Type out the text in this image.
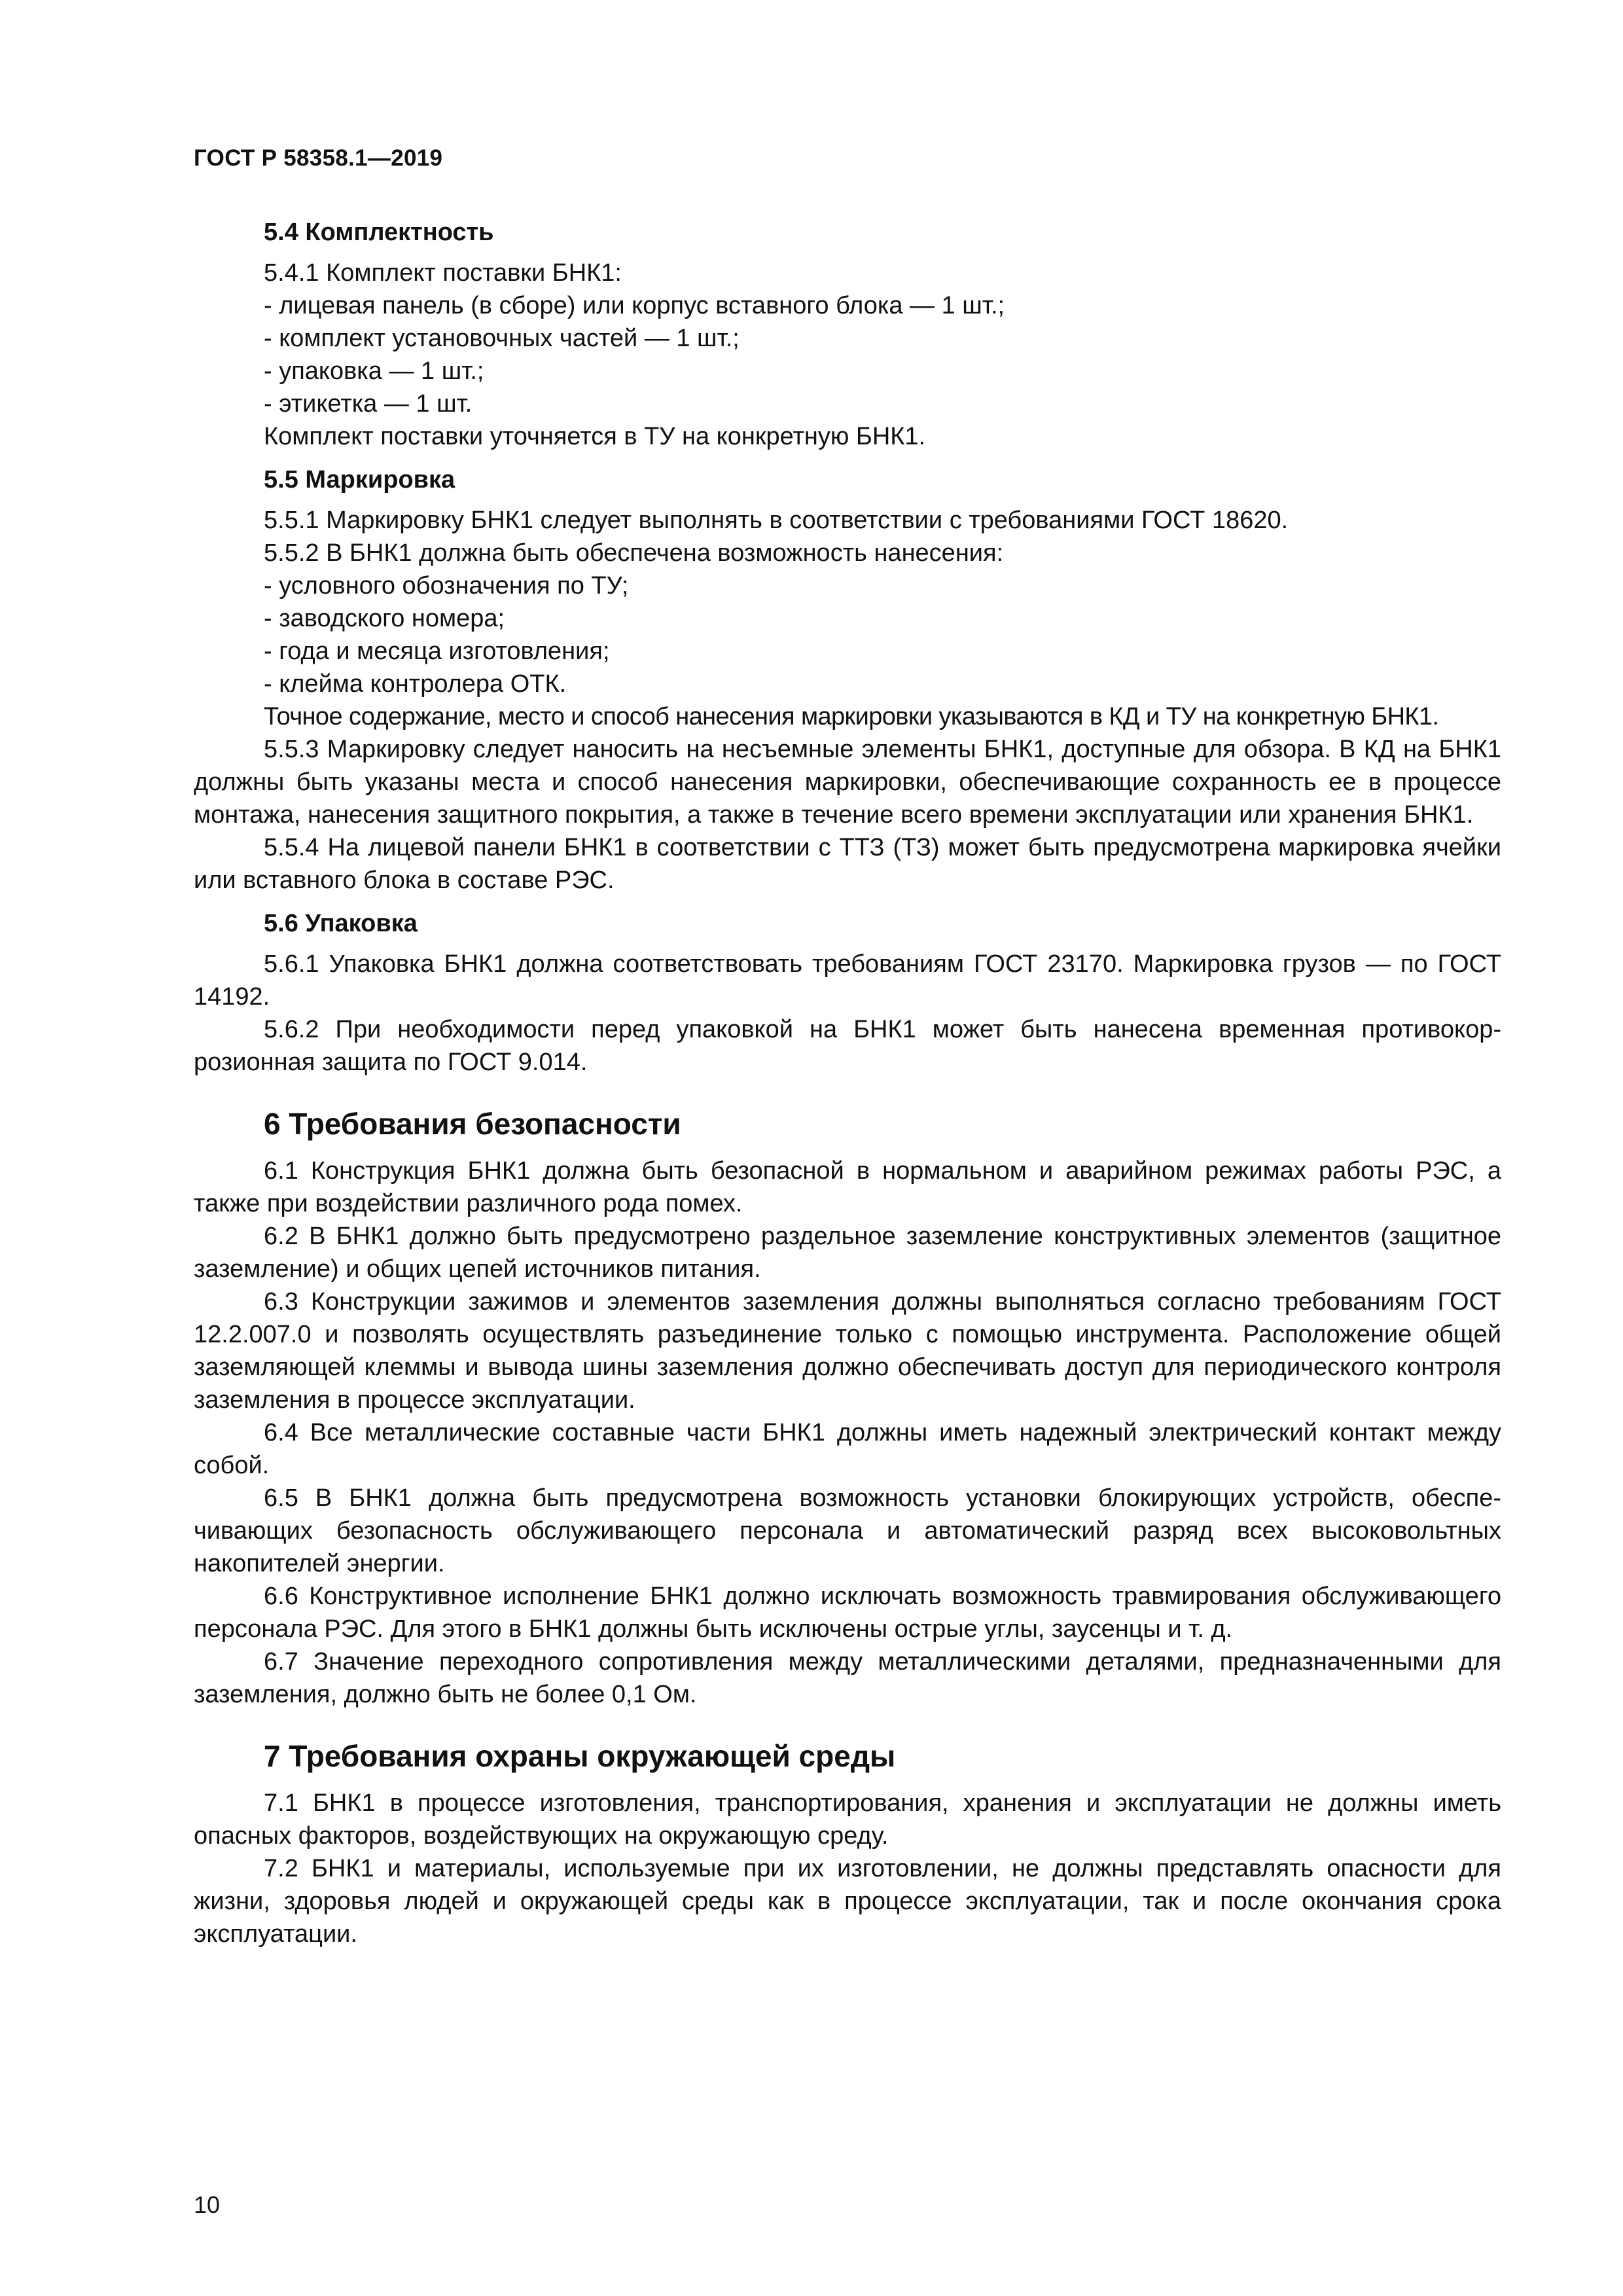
ГОСТ Р 58358.1—2019
5.4 Комплектность

5.4.1 Комплект поставки БНК1:

- лицевая панель (в сборе) или корпус вставного блока — 1 шт.;

- комплект установочных частей — 1 шт.;

- упаковка — 1 шт.;

- этикетка — 1 шт.

Комплект поставки уточняется в ТУ на конкретную БНК1.

5.5 Маркировка

5.5.1 Маркировку БНК1 следует выполнять в соответствии с требованиями ГОСТ 18620.

5.5.2 В БНК1 должна быть обеспечена возможность нанесения:

- условного обозначения по ТУ;

- заводского номера;

- года и месяца изготовления;

- клейма контролера ОТК.

Точное содержание, место и способ нанесения маркировки указываются в КД и ТУ на конкретную БНК1.

5.5.3 Маркировку следует наносить на несъемные элементы БНК1, доступные для обзора. В КД на БНК1 должны быть указаны места и способ нанесения маркировки, обеспечивающие сохранность ее в процессе монтажа, нанесения защитного покрытия, а также в течение всего времени эксплуатации или хранения БНК1.

5.5.4 На лицевой панели БНК1 в соответствии с ТТЗ (ТЗ) может быть предусмотрена маркировка ячейки или вставного блока в составе РЭС.

5.6 Упаковка

5.6.1 Упаковка БНК1 должна соответствовать требованиям ГОСТ 23170. Маркировка грузов — по ГОСТ 14192.

5.6.2 При необходимости перед упаковкой на БНК1 может быть нанесена временная противокоррозионная защита по ГОСТ 9.014.

6 Требования безопасности

6.1 Конструкция БНК1 должна быть безопасной в нормальном и аварийном режимах работы РЭС, а также при воздействии различного рода помех.

6.2 В БНК1 должно быть предусмотрено раздельное заземление конструктивных элементов (защитное заземление) и общих цепей источников питания.

6.3 Конструкции зажимов и элементов заземления должны выполняться согласно требованиям ГОСТ 12.2.007.0 и позволять осуществлять разъединение только с помощью инструмента. Расположение общей заземляющей клеммы и вывода шины заземления должно обеспечивать доступ для периодического контроля заземления в процессе эксплуатации.

6.4 Все металлические составные части БНК1 должны иметь надежный электрический контакт между собой.

6.5 В БНК1 должна быть предусмотрена возможность установки блокирующих устройств, обеспечивающих безопасность обслуживающего персонала и автоматический разряд всех высоковольтных накопителей энергии.

6.6 Конструктивное исполнение БНК1 должно исключать возможность травмирования обслуживающего персонала РЭС. Для этого в БНК1 должны быть исключены острые углы, заусенцы и т. д.

6.7 Значение переходного сопротивления между металлическими деталями, предназначенными для заземления, должно быть не более 0,1 Ом.

7 Требования охраны окружающей среды

7.1 БНК1 в процессе изготовления, транспортирования, хранения и эксплуатации не должны иметь опасных факторов, воздействующих на окружающую среду.

7.2 БНК1 и материалы, используемые при их изготовлении, не должны представлять опасности для жизни, здоровья людей и окружающей среды как в процессе эксплуатации, так и после окончания срока эксплуатации.

10
